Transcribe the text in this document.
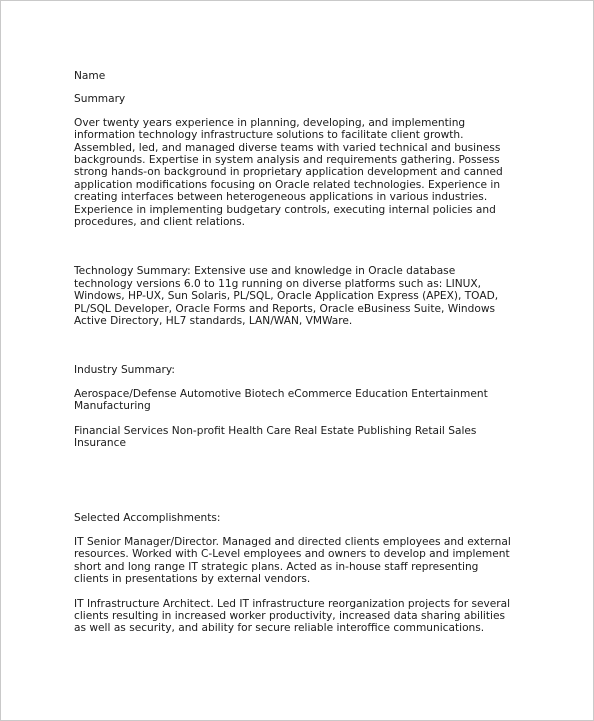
Name

Summary

Over twenty years experience in planning, developing, and implementing information technology infrastructure solutions to facilitate client growth. Assembled, led, and managed diverse teams with varied technical and business backgrounds. Expertise in system analysis and requirements gathering. Possess strong hands-on background in proprietary application development and canned application modifications focusing on Oracle related technologies. Experience in creating interfaces between heterogeneous applications in various industries. Experience in implementing budgetary controls, executing internal policies and procedures, and client relations.

Technology Summary: Extensive use and knowledge in Oracle database technology versions 6.0 to 11g running on diverse platforms such as: LINUX, Windows, HP-UX, Sun Solaris, PL/SQL, Oracle Application Express (APEX), TOAD, PL/SQL Developer, Oracle Forms and Reports, Oracle eBusiness Suite, Windows Active Directory, HL7 standards, LAN/WAN, VMWare.

Industry Summary:

Aerospace/Defense Automotive Biotech eCommerce Education Entertainment Manufacturing

Financial Services Non-profit Health Care Real Estate Publishing Retail Sales Insurance

Selected Accomplishments:

IT Senior Manager/Director. Managed and directed clients employees and external resources. Worked with C-Level employees and owners to develop and implement short and long range IT strategic plans. Acted as in-house staff representing clients in presentations by external vendors.

IT Infrastructure Architect. Led IT infrastructure reorganization projects for several clients resulting in increased worker productivity, increased data sharing abilities as well as security, and ability for secure reliable interoffice communications.
